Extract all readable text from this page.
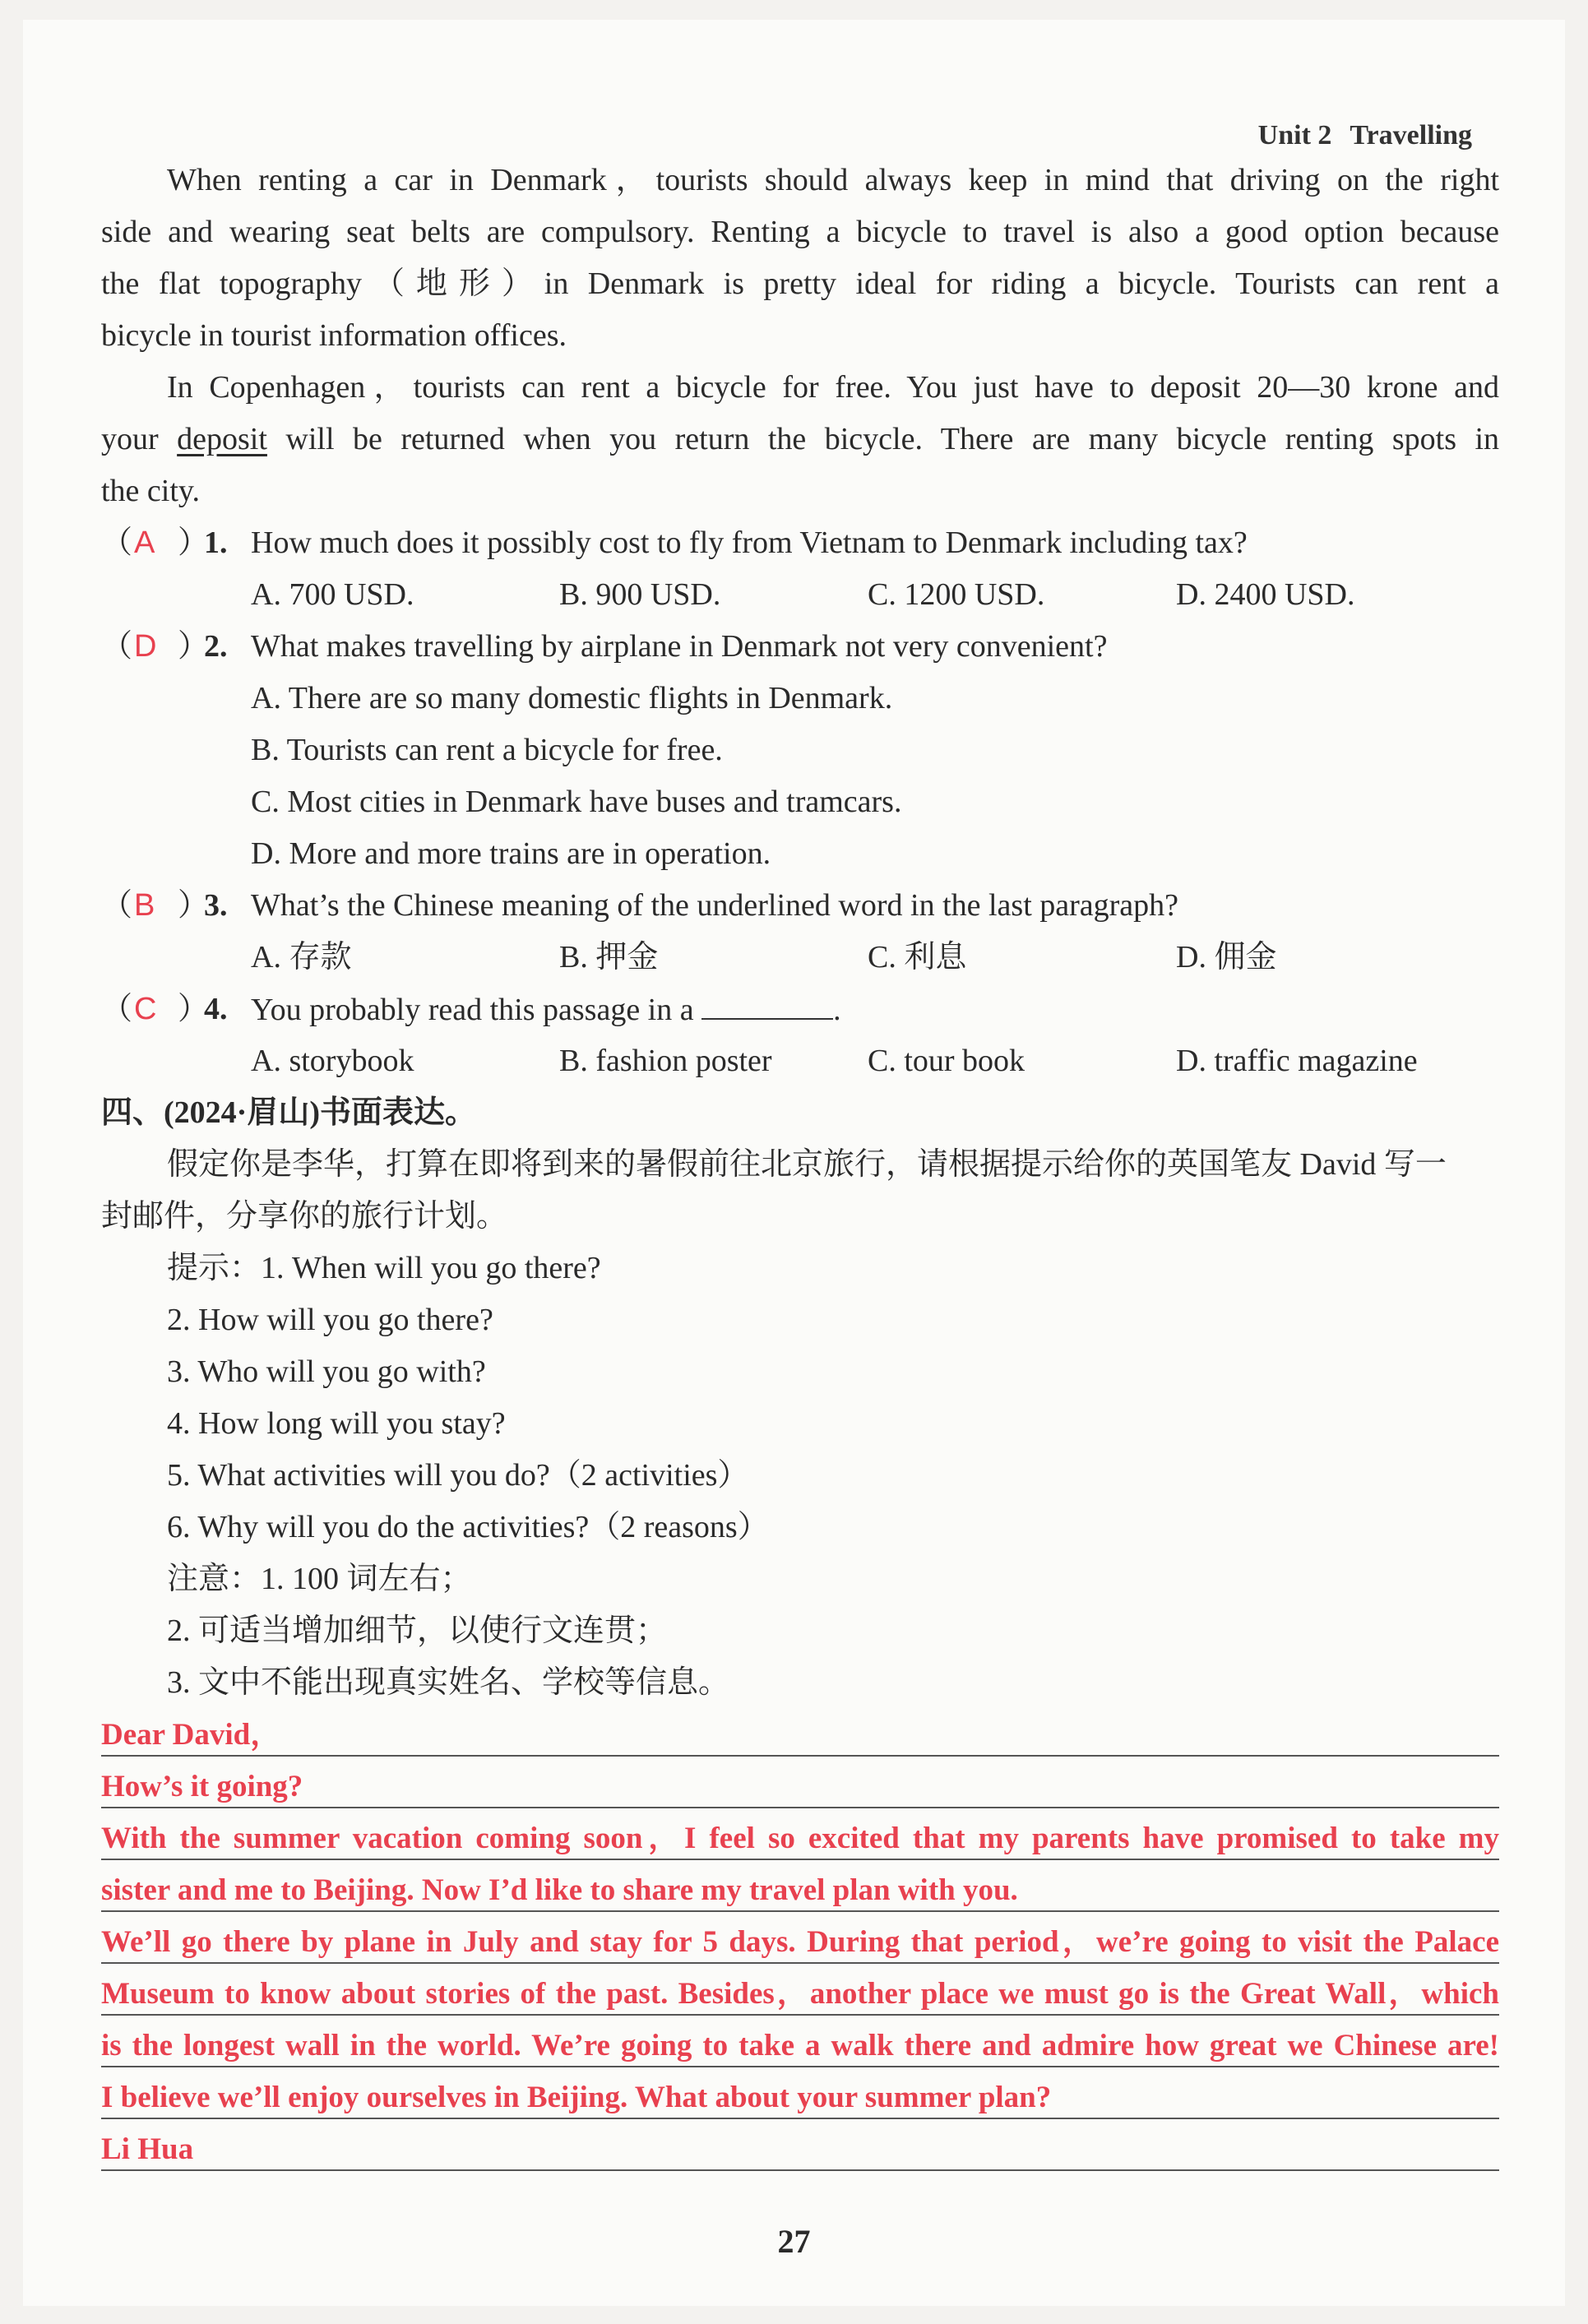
Unit 2 Travelling
When renting a car in Denmark，tourists should always keep in mind that driving on the right
side and wearing seat belts are compulsory. Renting a bicycle to travel is also a good option because
the flat topography（地形）in Denmark is pretty ideal for riding a bicycle. Tourists can rent a
bicycle in tourist information offices.
In Copenhagen，tourists can rent a bicycle for free. You just have to deposit 20—30 krone and
your deposit will be returned when you return the bicycle. There are many bicycle renting spots in
the city.
（ A ）
1. How much does it possibly cost to fly from Vietnam to Denmark including tax?
A. 700 USD.	B. 900 USD.	C. 1200 USD.	D. 2400 USD.
（ D ）
2. What makes travelling by airplane in Denmark not very convenient?
A. There are so many domestic flights in Denmark.
B. Tourists can rent a bicycle for free.
C. Most cities in Denmark have buses and tramcars.
D. More and more trains are in operation.
（ B ）
3. What’s the Chinese meaning of the underlined word in the last paragraph?
A. 存款	B. 押金	C. 利息	D. 佣金
（ C ）
4. You probably read this passage in a	.
A. storybook	B. fashion poster	C. tour book	D. traffic magazine
四、(2024·眉山)书面表达。
假定你是李华，打算在即将到来的暑假前往北京旅行，请根据提示给你的英国笔友 David 写一
封邮件，分享你的旅行计划。
提示：1. When will you go there?
2. How will you go there?
3. Who will you go with?
4. How long will you stay?
5. What activities will you do?（2 activities）
6. Why will you do the activities?（2 reasons）
注意：1. 100 词左右；
2. 可适当增加细节，以使行文连贯；
3. 文中不能出现真实姓名、学校等信息。
Dear David，
How’s it going?
With the summer vacation coming soon，I feel so excited that my parents have promised to take my
sister and me to Beijing. Now I’d like to share my travel plan with you.
We’ll go there by plane in July and stay for 5 days. During that period，we’re going to visit the Palace
Museum to know about stories of the past. Besides，another place we must go is the Great Wall，which
is the longest wall in the world. We’re going to take a walk there and admire how great we Chinese are!
I believe we’ll enjoy ourselves in Beijing. What about your summer plan?
Li Hua
27
